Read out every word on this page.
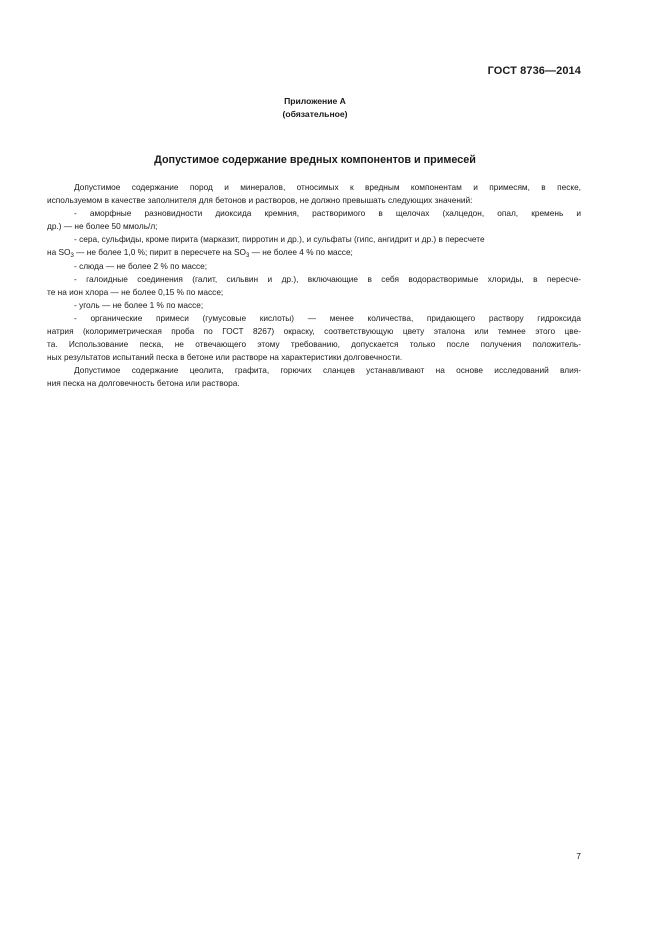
ГОСТ 8736—2014
Приложение А
(обязательное)
Допустимое содержание вредных компонентов и примесей
Допустимое содержание пород и минералов, относимых к вредным компонентам и примесям, в песке,
используемом в качестве заполнителя для бетонов и растворов, не должно превышать следующих значений:
- аморфные разновидности диоксида кремния, растворимого в щелочах (халцедон, опал, кремень и
др.) — не более 50 ммоль/л;
- сера, сульфиды, кроме пирита (марказит, пирротин и др.), и сульфаты (гипс, ангидрит и др.) в пересчете
на $SO_3$ — не более 1,0 %; пирит в пересчете на $SO_3$ — не более 4 % по массе;
- слюда — не более 2 % по массе;
- галоидные соединения (галит, сильвин и др.), включающие в себя водорастворимые хлориды, в пересче-
те на ион хлора — не более 0,15 % по массе;
- уголь — не более 1 % по массе;
- органические примеси (гумусовые кислоты) — менее количества, придающего раствору гидроксида
натрия (колориметрическая проба по ГОСТ 8267) окраску, соответствующую цвету эталона или темнее этого цве-
та. Использование песка, не отвечающего этому требованию, допускается только после получения положитель-
ных результатов испытаний песка в бетоне или растворе на характеристики долговечности.
Допустимое содержание цеолита, графита, горючих сланцев устанавливают на основе исследований влия-
ния песка на долговечность бетона или раствора.
7
